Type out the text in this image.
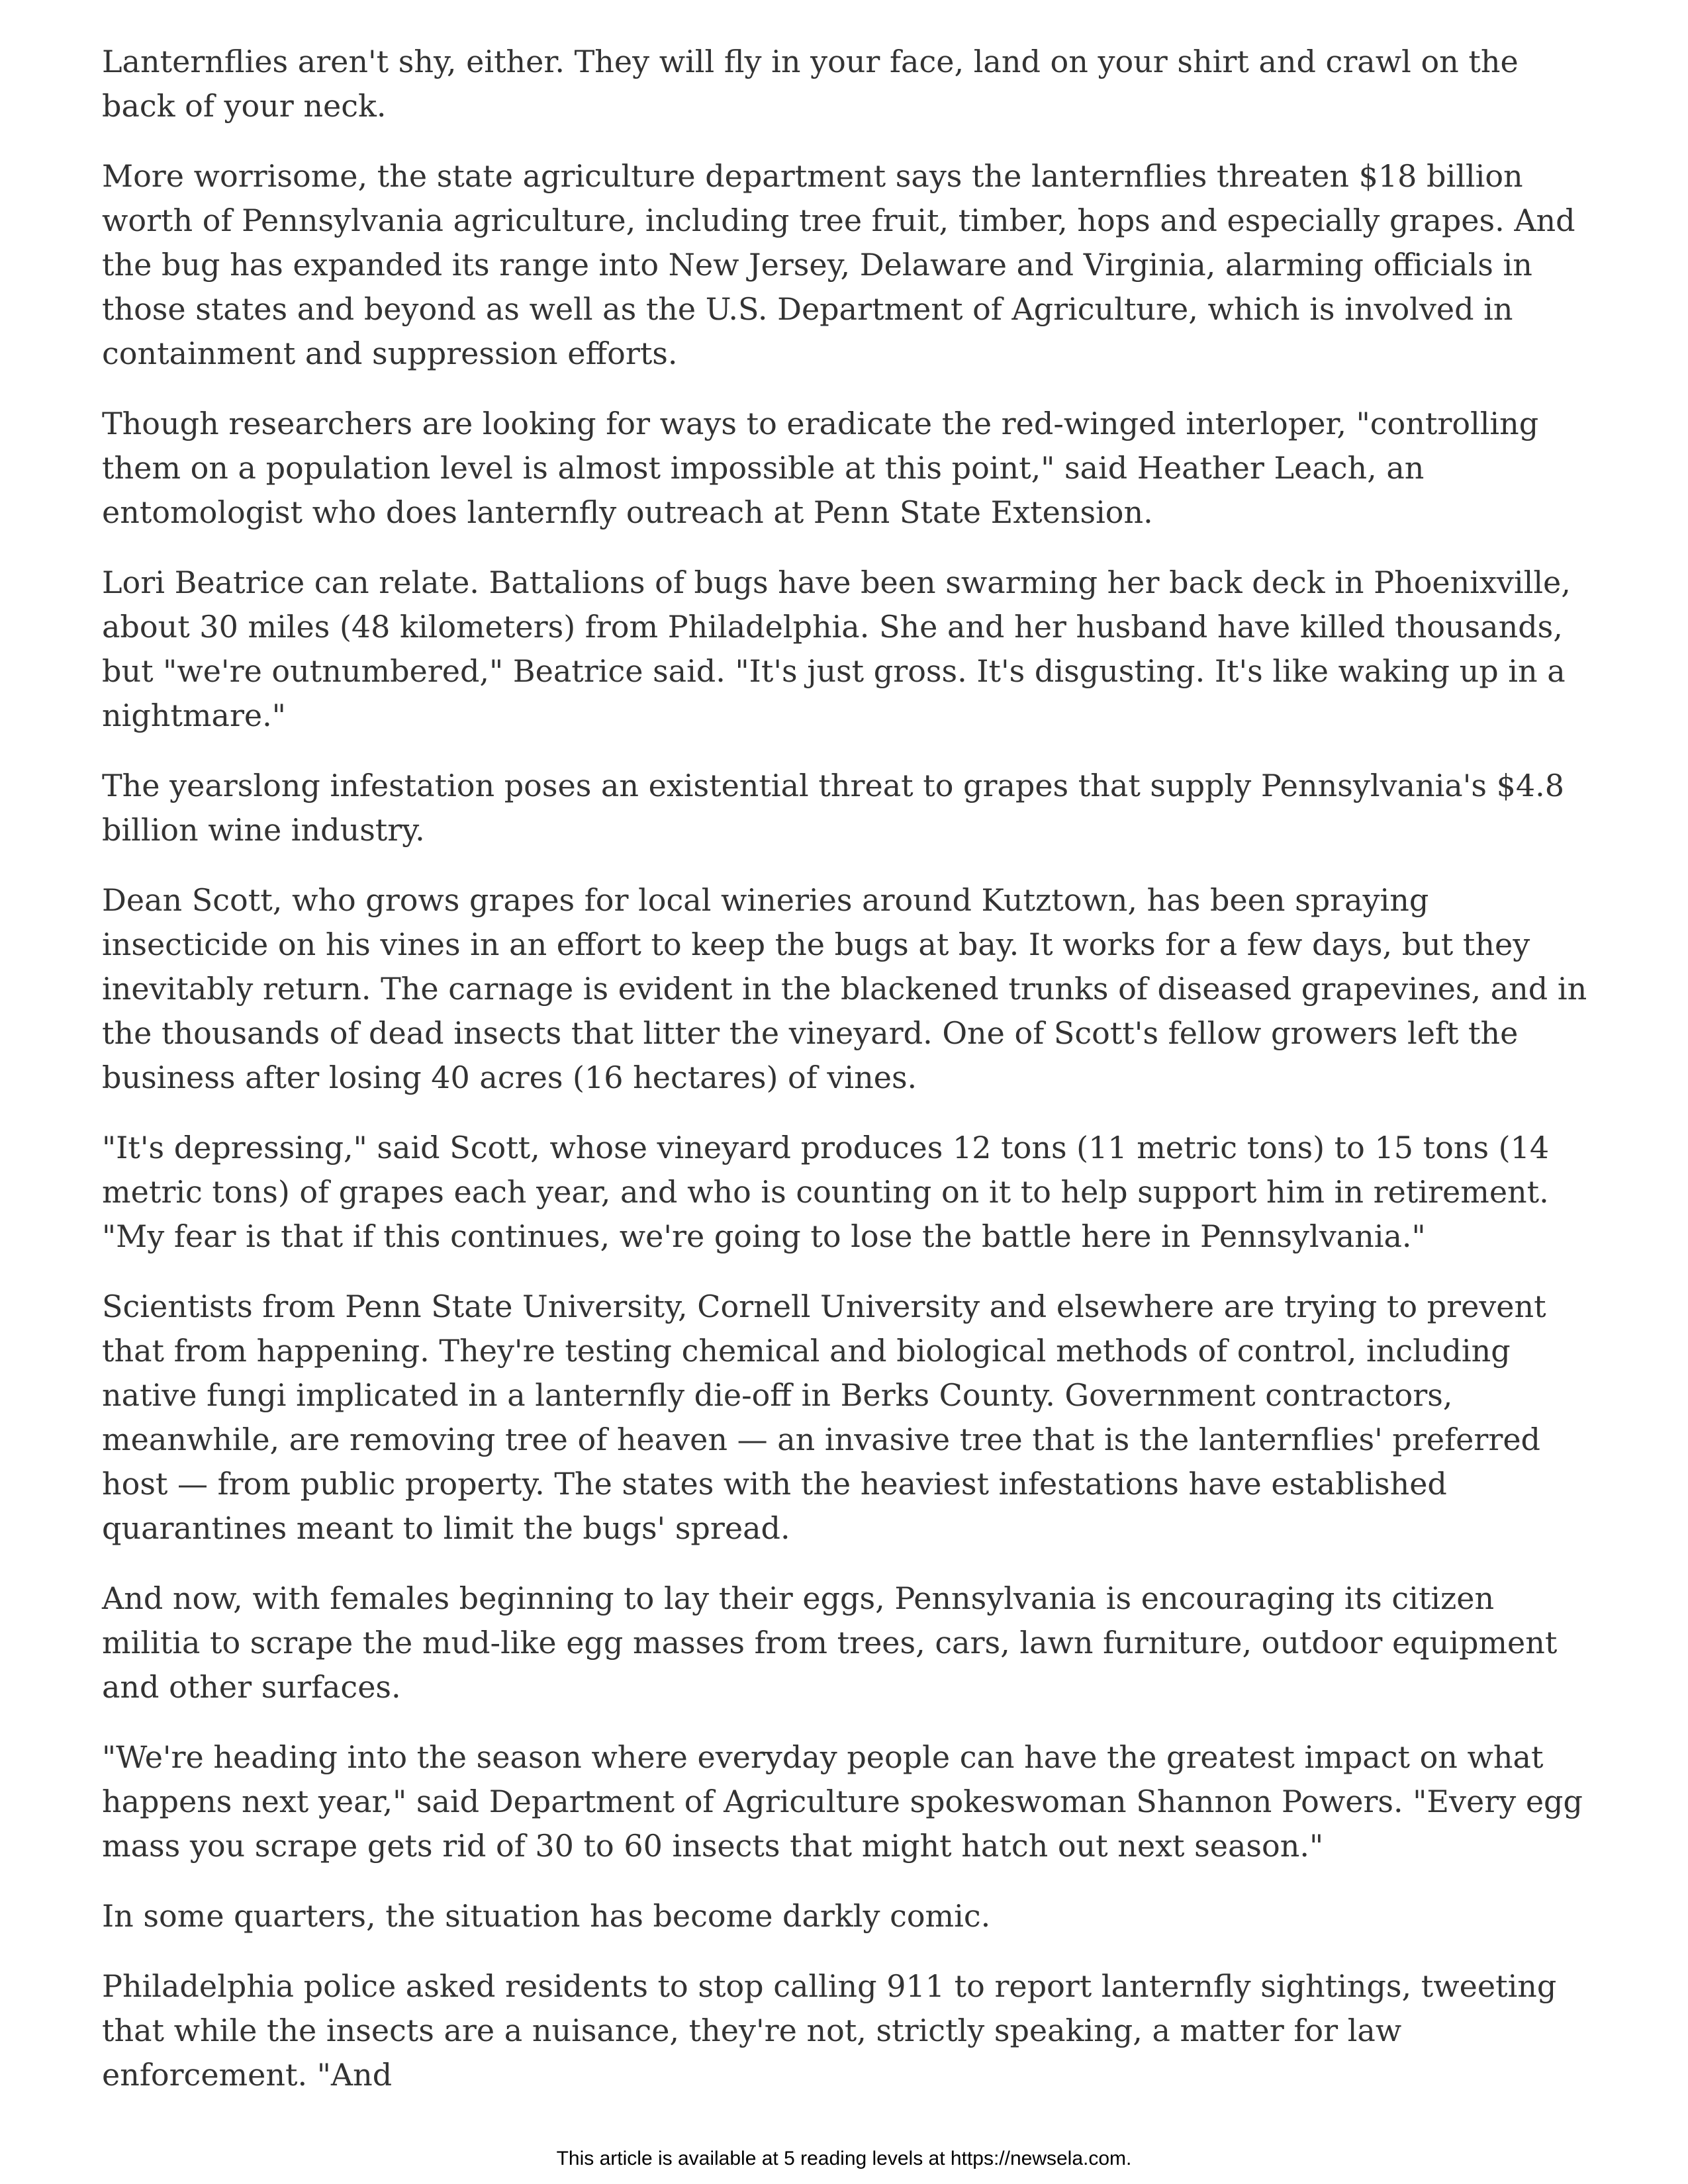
Lanternflies aren't shy, either. They will fly in your face, land on your shirt and crawl on the back of your neck.

More worrisome, the state agriculture department says the lanternflies threaten $18 billion worth of Pennsylvania agriculture, including tree fruit, timber, hops and especially grapes. And the bug has expanded its range into New Jersey, Delaware and Virginia, alarming officials in those states and beyond as well as the U.S. Department of Agriculture, which is involved in containment and suppression efforts.

Though researchers are looking for ways to eradicate the red-winged interloper, "controlling them on a population level is almost impossible at this point," said Heather Leach, an entomologist who does lanternfly outreach at Penn State Extension.

Lori Beatrice can relate. Battalions of bugs have been swarming her back deck in Phoenixville, about 30 miles (48 kilometers) from Philadelphia. She and her husband have killed thousands, but "we're outnumbered," Beatrice said. "It's just gross. It's disgusting. It's like waking up in a nightmare."

The yearslong infestation poses an existential threat to grapes that supply Pennsylvania's $4.8 billion wine industry.

Dean Scott, who grows grapes for local wineries around Kutztown, has been spraying insecticide on his vines in an effort to keep the bugs at bay. It works for a few days, but they inevitably return. The carnage is evident in the blackened trunks of diseased grapevines, and in the thousands of dead insects that litter the vineyard. One of Scott's fellow growers left the business after losing 40 acres (16 hectares) of vines.

"It's depressing," said Scott, whose vineyard produces 12 tons (11 metric tons) to 15 tons (14 metric tons) of grapes each year, and who is counting on it to help support him in retirement. "My fear is that if this continues, we're going to lose the battle here in Pennsylvania."

Scientists from Penn State University, Cornell University and elsewhere are trying to prevent that from happening. They're testing chemical and biological methods of control, including native fungi implicated in a lanternfly die-off in Berks County. Government contractors, meanwhile, are removing tree of heaven — an invasive tree that is the lanternflies' preferred host — from public property. The states with the heaviest infestations have established quarantines meant to limit the bugs' spread.

And now, with females beginning to lay their eggs, Pennsylvania is encouraging its citizen militia to scrape the mud-like egg masses from trees, cars, lawn furniture, outdoor equipment and other surfaces.

"We're heading into the season where everyday people can have the greatest impact on what happens next year," said Department of Agriculture spokeswoman Shannon Powers. "Every egg mass you scrape gets rid of 30 to 60 insects that might hatch out next season."

In some quarters, the situation has become darkly comic.

Philadelphia police asked residents to stop calling 911 to report lanternfly sightings, tweeting that while the insects are a nuisance, they're not, strictly speaking, a matter for law enforcement. "And

This article is available at 5 reading levels at https://newsela.com.
